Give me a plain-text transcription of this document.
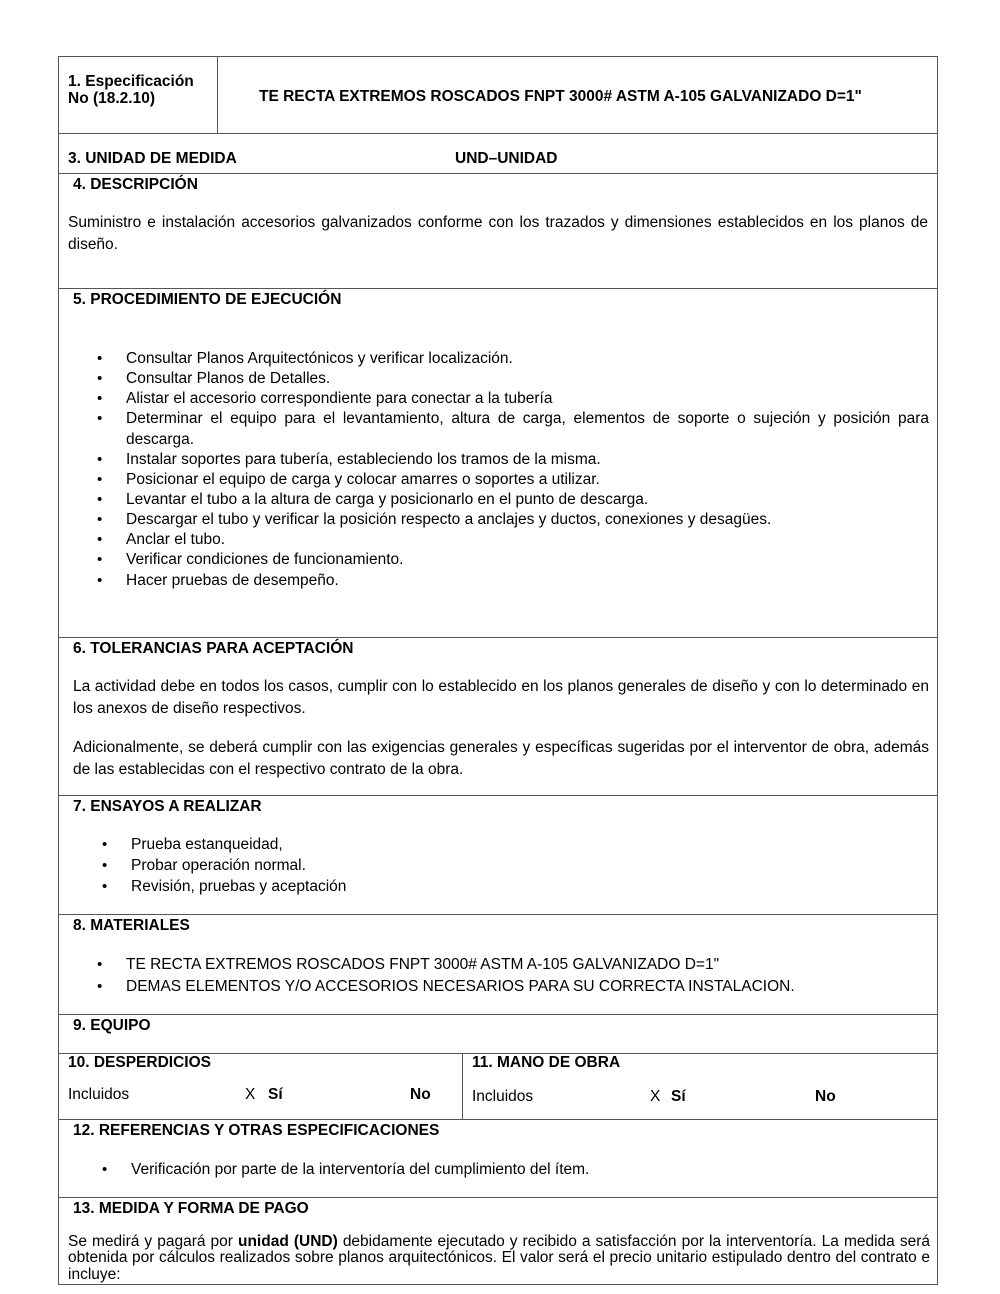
1. Especificación
No (18.2.10)	TE RECTA EXTREMOS ROSCADOS FNPT 3000# ASTM A-105 GALVANIZADO D=1"
3. UNIDAD DE MEDIDA	UND–UNIDAD
4. DESCRIPCIÓN
Suministro e instalación accesorios galvanizados conforme con los trazados y dimensiones establecidos en los planos de diseño.
5. PROCEDIMIENTO DE EJECUCIÓN
• Consultar Planos Arquitectónicos y verificar localización.
• Consultar Planos de Detalles.
• Alistar el accesorio correspondiente para conectar a la tubería
• Determinar el equipo para el levantamiento, altura de carga, elementos de soporte o sujeción y posición para descarga.
• Instalar soportes para tubería, estableciendo los tramos de la misma.
• Posicionar el equipo de carga y colocar amarres o soportes a utilizar.
• Levantar el tubo a la altura de carga y posicionarlo en el punto de descarga.
• Descargar el tubo y verificar la posición respecto a anclajes y ductos, conexiones y desagües.
• Anclar el tubo.
• Verificar condiciones de funcionamiento.
• Hacer pruebas de desempeño.
6. TOLERANCIAS PARA ACEPTACIÓN
La actividad debe en todos los casos, cumplir con lo establecido en los planos generales de diseño y con lo determinado en los anexos de diseño respectivos.
Adicionalmente, se deberá cumplir con las exigencias generales y específicas sugeridas por el interventor de obra, además de las establecidas con el respectivo contrato de la obra.
7. ENSAYOS A REALIZAR
• Prueba estanqueidad,
• Probar operación normal.
• Revisión, pruebas y aceptación
8. MATERIALES
• TE RECTA EXTREMOS ROSCADOS FNPT 3000# ASTM A-105 GALVANIZADO D=1"
• DEMAS ELEMENTOS Y/O ACCESORIOS NECESARIOS PARA SU CORRECTA INSTALACION.
9. EQUIPO
10. DESPERDICIOS
Incluidos	X Sí	No
11. MANO DE OBRA
Incluidos	X Sí	No
12. REFERENCIAS Y OTRAS ESPECIFICACIONES
• Verificación por parte de la interventoría del cumplimiento del ítem.
13. MEDIDA Y FORMA DE PAGO
Se medirá y pagará por unidad (UND) debidamente ejecutado y recibido a satisfacción por la interventoría. La medida será obtenida por cálculos realizados sobre planos arquitectónicos. El valor será el precio unitario estipulado dentro del contrato e incluye:
